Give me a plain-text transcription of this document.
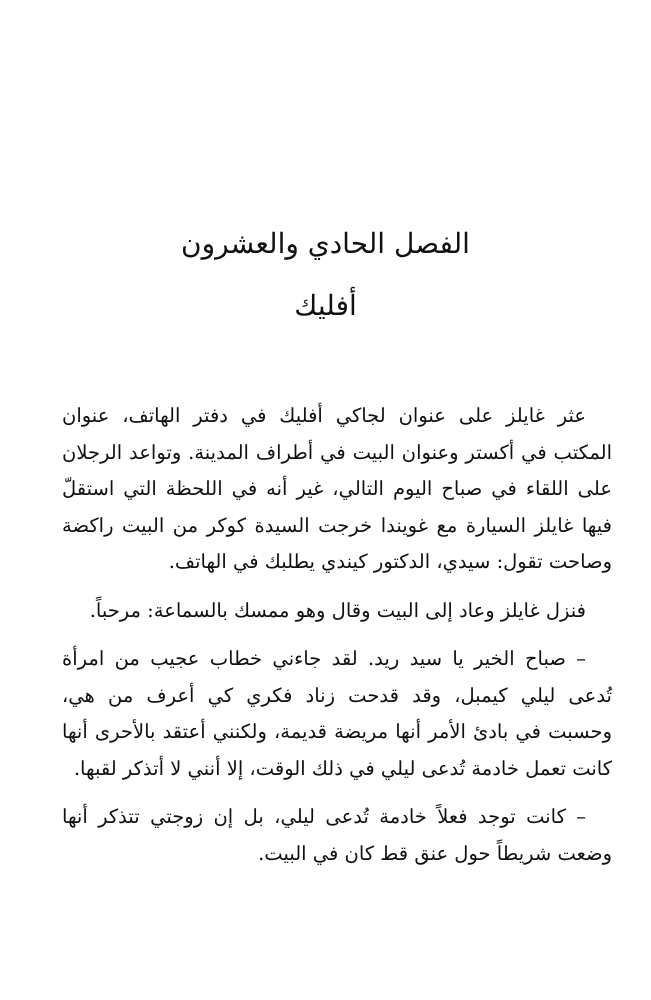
الفصل الحادي والعشرون
أفليك

عثر غايلز على عنوان لجاكي أفليك في دفتر الهاتف، عنوان المكتب في أكستر وعنوان البيت في أطراف المدينة. وتواعد الرجلان على اللقاء في صباح اليوم التالي، غير أنه في اللحظة التي استقلّ فيها غايلز السيارة مع غويندا خرجت السيدة كوكر من البيت راكضة وصاحت تقول: سيدي، الدكتور كيندي يطلبك في الهاتف.

فنزل غايلز وعاد إلى البيت وقال وهو ممسك بالسماعة: مرحباً.

– صباح الخير يا سيد ريد. لقد جاءني خطاب عجيب من امرأة تُدعى ليلي كيمبل، وقد قدحت زناد فكري كي أعرف من هي، وحسبت في بادئ الأمر أنها مريضة قديمة، ولكنني أعتقد بالأحرى أنها كانت تعمل خادمة تُدعى ليلي في ذلك الوقت، إلا أنني لا أتذكر لقبها.

– كانت توجد فعلاً خادمة تُدعى ليلي، بل إن زوجتي تتذكر أنها وضعت شريطاً حول عنق قط كان في البيت.
